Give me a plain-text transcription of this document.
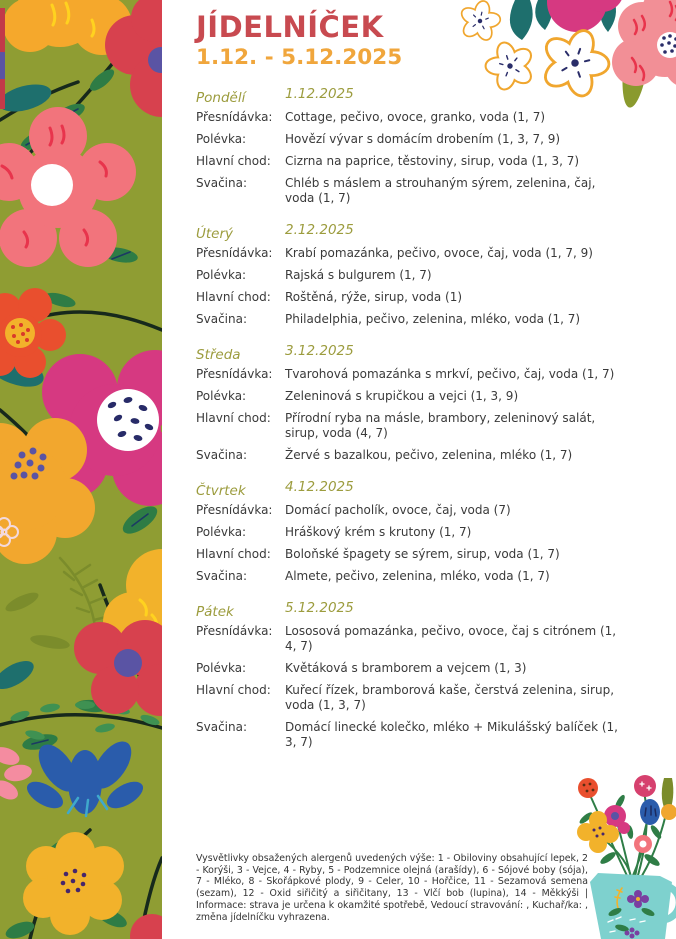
JÍDELNÍČEK
1.12. - 5.12.2025
Pondělí	1.12.2025
Přesnídávka:	Cottage, pečivo, ovoce, granko, voda (1, 7)
Polévka:	Hovězí vývar s domácím drobením (1, 3, 7, 9)
Hlavní chod:	Cizrna na paprice, těstoviny, sirup, voda (1, 3, 7)
Svačina:	Chléb s máslem a strouhaným sýrem, zelenina, čaj, voda (1, 7)
Úterý	2.12.2025
Přesnídávka:	Krabí pomazánka, pečivo, ovoce, čaj, voda (1, 7, 9)
Polévka:	Rajská s bulgurem (1, 7)
Hlavní chod:	Roštěná, rýže, sirup, voda (1)
Svačina:	Philadelphia, pečivo, zelenina, mléko, voda (1, 7)
Středa	3.12.2025
Přesnídávka:	Tvarohová pomazánka s mrkví, pečivo, čaj, voda (1, 7)
Polévka:	Zeleninová s krupičkou a vejci (1, 3, 9)
Hlavní chod:	Přírodní ryba na másle, brambory, zeleninový salát, sirup, voda (4, 7)
Svačina:	Žervé s bazalkou, pečivo, zelenina, mléko (1, 7)
Čtvrtek	4.12.2025
Přesnídávka:	Domácí pacholík, ovoce, čaj, voda (7)
Polévka:	Hráškový krém s krutony (1, 7)
Hlavní chod:	Boloňské špagety se sýrem, sirup, voda (1, 7)
Svačina:	Almete, pečivo, zelenina, mléko, voda (1, 7)
Pátek	5.12.2025
Přesnídávka:	Lososová pomazánka, pečivo, ovoce, čaj s citrónem (1, 4, 7)
Polévka:	Květáková s bramborem a vejcem (1, 3)
Hlavní chod:	Kuřecí řízek, bramborová kaše, čerstvá zelenina, sirup, voda (1, 3, 7)
Svačina:	Domácí linecké kolečko, mléko + Mikulášský balíček (1, 3, 7)

Vysvětlivky obsažených alergenů uvedených výše: 1 - Obiloviny obsahující lepek, 2 - Korýši, 3 - Vejce, 4 - Ryby, 5 - Podzemnice olejná (arašídy), 6 - Sójové boby (sója), 7 - Mléko, 8 - Skořápkové plody, 9 - Celer, 10 - Hořčice, 11 - Sezamová semena (sezam), 12 - Oxid siřičitý a siřičitany, 13 - Vlčí bob (lupina), 14 - Měkkýši | Informace: strava je určena k okamžité spotřebě, Vedoucí stravování: , Kuchař/ka: , změna jídelníčku vyhrazena.
